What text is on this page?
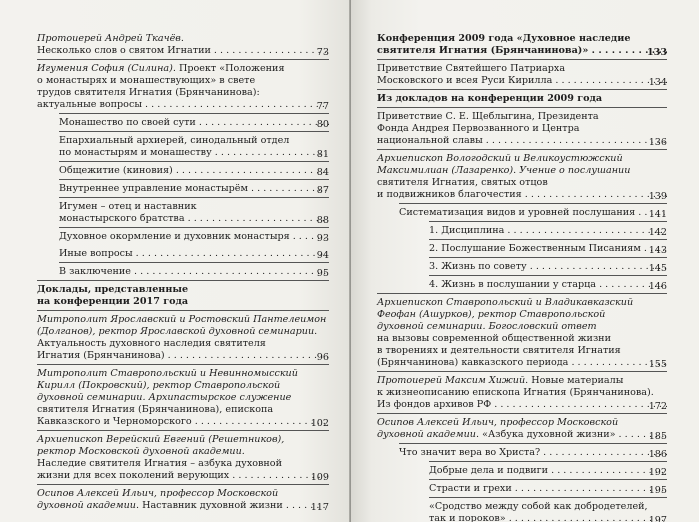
Протоиерей Андрей Ткачёв.
Несколько слов о святом Игнатии . . .	73
Игумения София (Силина). Проект «Положения
о монастырях и монашествующих» в свете
трудов святителя Игнатия (Брянчанинова):
актуальные вопросы . . .	77
Монашество по своей сути . . .	80
Епархиальный архиерей, синодальный отдел
по монастырям и монашеству . . .	81
Общежитие (киновия) . . .	84
Внутреннее управление монастырём . . .	87
Игумен – отец и наставник
монастырского братства . . .	88
Духовное окормление и духовник монастыря . . .	93
Иные вопросы . . .	94
В заключение . . .	95
Доклады, представленные
на конференции 2017 года
Митрополит Ярославский и Ростовский Пантелеимон
(Долганов), ректор Ярославской духовной семинарии.
Актуальность духовного наследия святителя
Игнатия (Брянчанинова) . . .	96
Митрополит Ставропольский и Невинномысский
Кирилл (Покровский), ректор Ставропольской
духовной семинарии. Архипастырское служение
святителя Игнатия (Брянчанинова), епископа
Кавказского и Черноморского . . .	102
Архиепископ Верейский Евгений (Решетников),
ректор Московской духовной академии.
Наследие святителя Игнатия – азбука духовной
жизни для всех поколений верующих . . .	109
Осипов Алексей Ильич, профессор Московской
духовной академии. Наставник духовной жизни . . .	117
Конференция 2009 года «Духовное наследие
святителя Игнатия (Брянчанинова)» . . .	133
Приветствие Святейшего Патриарха
Московского и всея Руси Кирилла . . .	134
Из докладов на конференции 2009 года
Приветствие С. Е. Щеблыгина, Президента
Фонда Андрея Первозванного и Центра
национальной славы . . .	136
Архиепископ Вологодский и Великоустюжский
Максимилиан (Лазаренко). Учение о послушании
святителя Игнатия, святых отцов
и подвижников благочестия . . .	139
Систематизация видов и уровней послушания . . .	141
1. Дисциплина . . .	142
2. Послушание Божественным Писаниям . . . 143
3. Жизнь по совету . . .	145
4. Жизнь в послушании у старца . . .	146
Архиепископ Ставропольский и Владикавказский
Феофан (Ашурков), ректор Ставропольской
духовной семинарии. Богословский ответ
на вызовы современной общественной жизни
в творениях и деятельности святителя Игнатия
(Брянчанинова) кавказского периода . . .	155
Протоиерей Максим Хижий. Новые материалы
к жизнеописанию епископа Игнатия (Брянчанинова).
Из фондов архивов РФ . . .	172
Осипов Алексей Ильич, профессор Московской
духовной академии. «Азбука духовной жизни» . . .	185
Что значит вера во Христа? . . .	186
Добрые дела и подвиги . . .	192
Страсти и грехи . . .	195
«Сродство между собой как добродетелей,
так и пороков» . . .	197
